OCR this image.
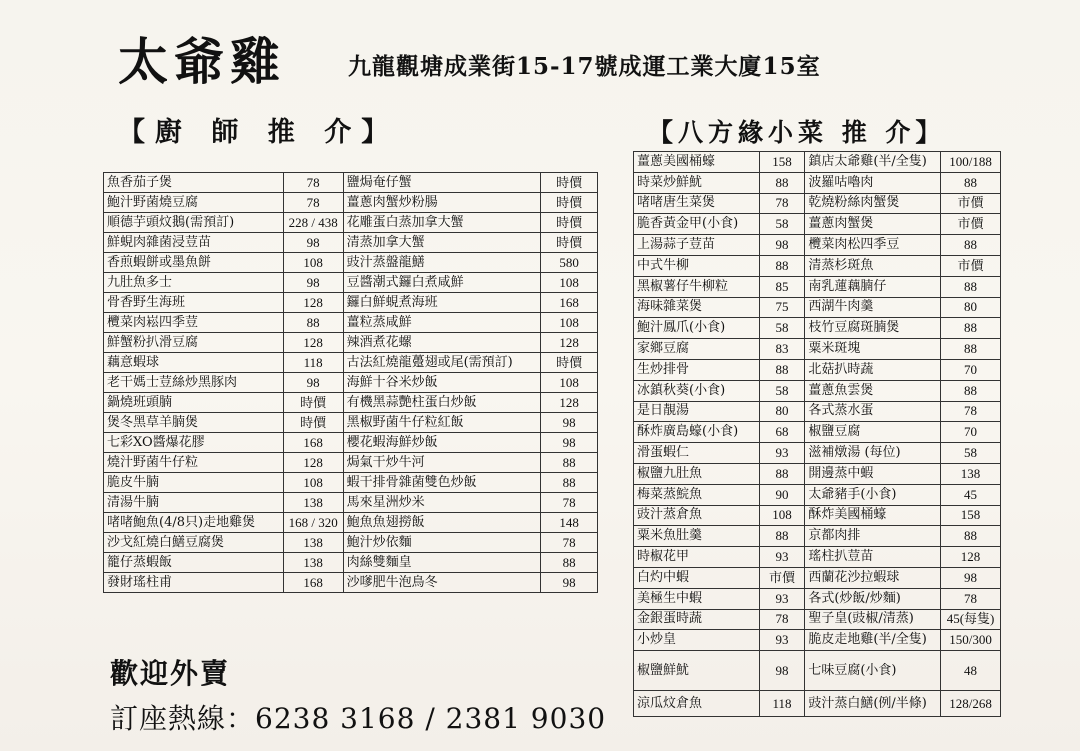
太爺雞	九龍觀塘成業街15-17號成運工業大廈15室
【廚 師 推 介】	【八方緣小菜 推 介】
魚香茄子煲	78	鹽焗奄仔蟹	時價
鮑汁野菌燒豆腐	78	薑蔥肉蟹炒粉腸	時價
順德芋頭炆鵝(需預訂)	228 / 438	花雕蛋白蒸加拿大蟹	時價
鮮蜆肉雜菌浸荳苗	98	清蒸加拿大蟹	時價
香煎蝦餅或墨魚餅	108	豉汁蒸盤龍鱔	580
九肚魚多士	98	豆醬潮式鑼白煮咸鮮	108
骨香野生海班	128	鑼白鮮蜆煮海班	168
欖菜肉崧四季荳	88	薑粒蒸咸鮮	108
鮮蟹粉扒滑豆腐	128	辣酒煮花螺	128
藕意蝦球	118	古法紅燒龍躉翅或尾(需預訂)	時價
老干媽士荳絲炒黑豚肉	98	海鮮十谷米炒飯	108
鍋燒班頭腩	時價	有機黑蒜艷柱蛋白炒飯	128
煲冬黑草羊腩煲	時價	黑椒野菌牛仔粒紅飯	98
七彩XO醬爆花膠	168	櫻花蝦海鮮炒飯	98
燒汁野菌牛仔粒	128	焗氣干炒牛河	88
脆皮牛腩	108	蝦干排骨雜菌雙色炒飯	88
清湯牛腩	138	馬來星洲炒米	78
啫啫鮑魚(4/8只)走地雞煲	168 / 320	鮑魚魚翅撈飯	148
沙戈紅燒白鱔豆腐煲	138	鮑汁炒依麵	78
籠仔蒸蝦飯	138	肉絲雙麵皇	88
發財瑤柱甫	168	沙嗲肥牛泡鳥冬	98
薑蔥美國桶蠔	158	鎮店太爺雞(半/全隻)	100/188
時菜炒鮮魷	88	波羅咕嚕肉	88
啫啫唐生菜煲	78	乾燒粉絲肉蟹煲	市價
脆香黃金甲(小食)	58	薑蔥肉蟹煲	市價
上湯蒜子荳苗	98	欖菜肉松四季豆	88
中式牛柳	88	清蒸杉斑魚	市價
黑椒薯仔牛柳粒	85	南乳蓮藕腩仔	88
海味雜菜煲	75	西湖牛肉羹	80
鮑汁鳳爪(小食)	58	枝竹豆腐斑腩煲	88
家鄉豆腐	83	粟米斑塊	88
生炒排骨	88	北菇扒時蔬	70
冰鎮秋葵(小食)	58	薑蔥魚雲煲	88
是日靚湯	80	各式蒸水蛋	78
酥炸廣島蠔(小食)	68	椒鹽豆腐	70
滑蛋蝦仁	93	滋補燉湯 (每位)	58
椒鹽九肚魚	88	開邊蒸中蝦	138
梅菜蒸鯇魚	90	太爺豬手(小食)	45
豉汁蒸倉魚	108	酥炸美國桶蠔	158
粟米魚肚羹	88	京都肉排	88
時椒花甲	93	瑤柱扒荳苗	128
白灼中蝦	市價	西蘭花沙拉蝦球	98
美極生中蝦	93	各式(炒飯/炒麵)	78
金銀蛋時蔬	78	聖子皇(豉椒/清蒸)	45(每隻)
小炒皇	93	脆皮走地雞(半/全隻)	150/300
椒鹽鮮魷	98	七味豆腐(小食)	48
涼瓜炆倉魚	118	豉汁蒸白鱔(例/半條)	128/268
歡迎外賣
訂座熱線：6238 3168 / 2381 9030
